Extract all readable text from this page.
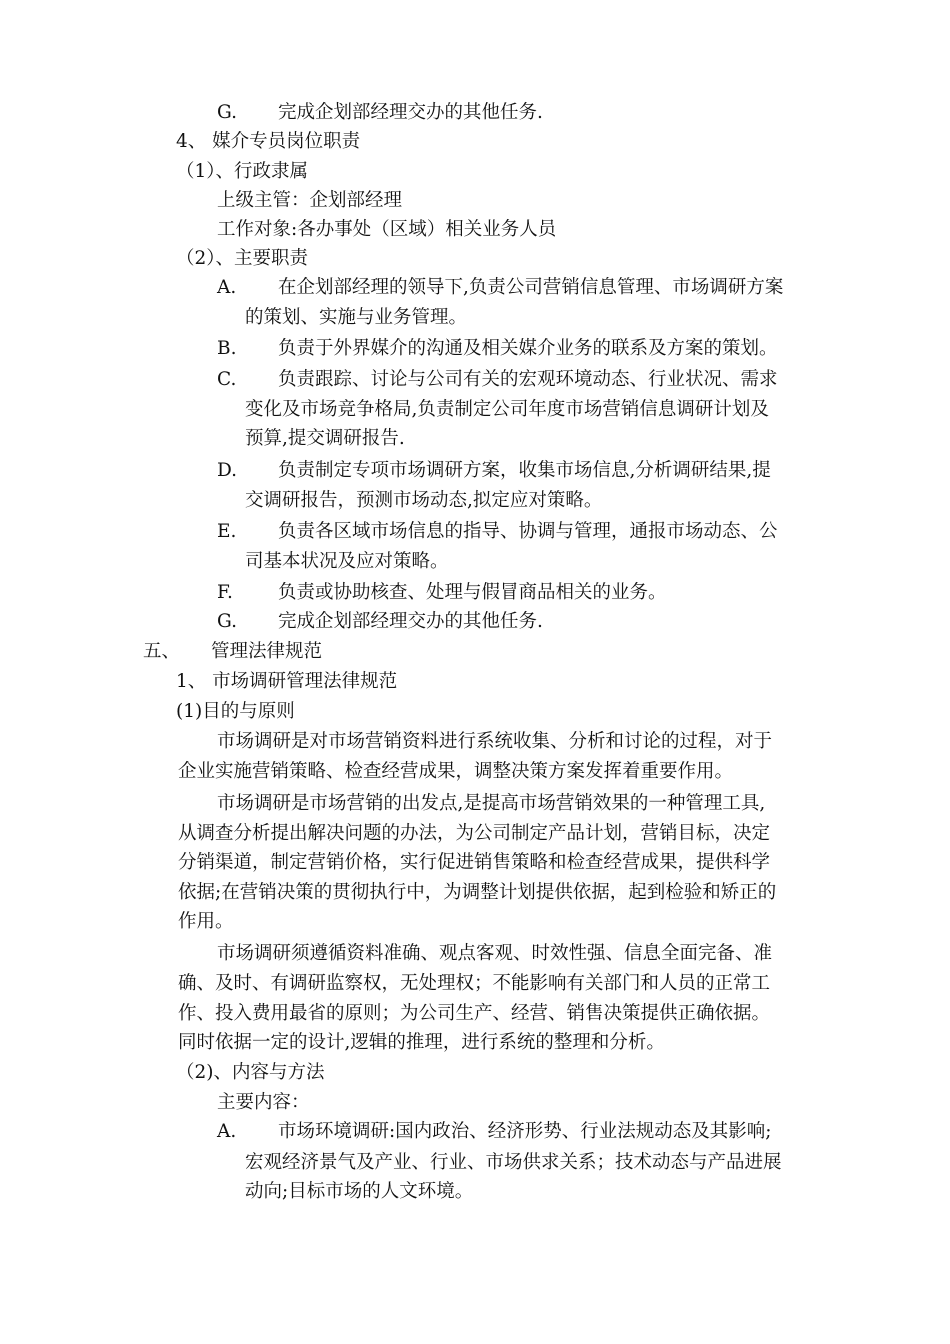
G. 完成企划部经理交办的其他任务.
4、 媒介专员岗位职责
（1）、行政隶属
上级主管：企划部经理
工作对象:各办事处（区域）相关业务人员
（2）、主要职责
A. 在企划部经理的领导下,负责公司营销信息管理、市场调研方案
的策划、实施与业务管理。
B. 负责于外界媒介的沟通及相关媒介业务的联系及方案的策划。
C. 负责跟踪、讨论与公司有关的宏观环境动态、行业状况、需求
变化及市场竞争格局,负责制定公司年度市场营销信息调研计划及
预算,提交调研报告.
D. 负责制定专项市场调研方案，收集市场信息,分析调研结果,提
交调研报告，预测市场动态,拟定应对策略。
E. 负责各区域市场信息的指导、协调与管理，通报市场动态、公
司基本状况及应对策略。
F. 负责或协助核查、处理与假冒商品相关的业务。
G. 完成企划部经理交办的其他任务.
五、 管理法律规范
1、 市场调研管理法律规范
(1)目的与原则
市场调研是对市场营销资料进行系统收集、分析和讨论的过程，对于
企业实施营销策略、检查经营成果，调整决策方案发挥着重要作用。
市场调研是市场营销的出发点,是提高市场营销效果的一种管理工具,
从调查分析提出解决问题的办法，为公司制定产品计划，营销目标，决定
分销渠道，制定营销价格，实行促进销售策略和检查经营成果，提供科学
依据;在营销决策的贯彻执行中，为调整计划提供依据，起到检验和矫正的
作用。
市场调研须遵循资料准确、观点客观、时效性强、信息全面完备、准
确、及时、有调研监察权，无处理权；不能影响有关部门和人员的正常工
作、投入费用最省的原则；为公司生产、经营、销售决策提供正确依据。
同时依据一定的设计,逻辑的推理，进行系统的整理和分析。
（2)、内容与方法
主要内容：
A. 市场环境调研:国内政治、经济形势、行业法规动态及其影响;
宏观经济景气及产业、行业、市场供求关系；技术动态与产品进展
动向;目标市场的人文环境。
